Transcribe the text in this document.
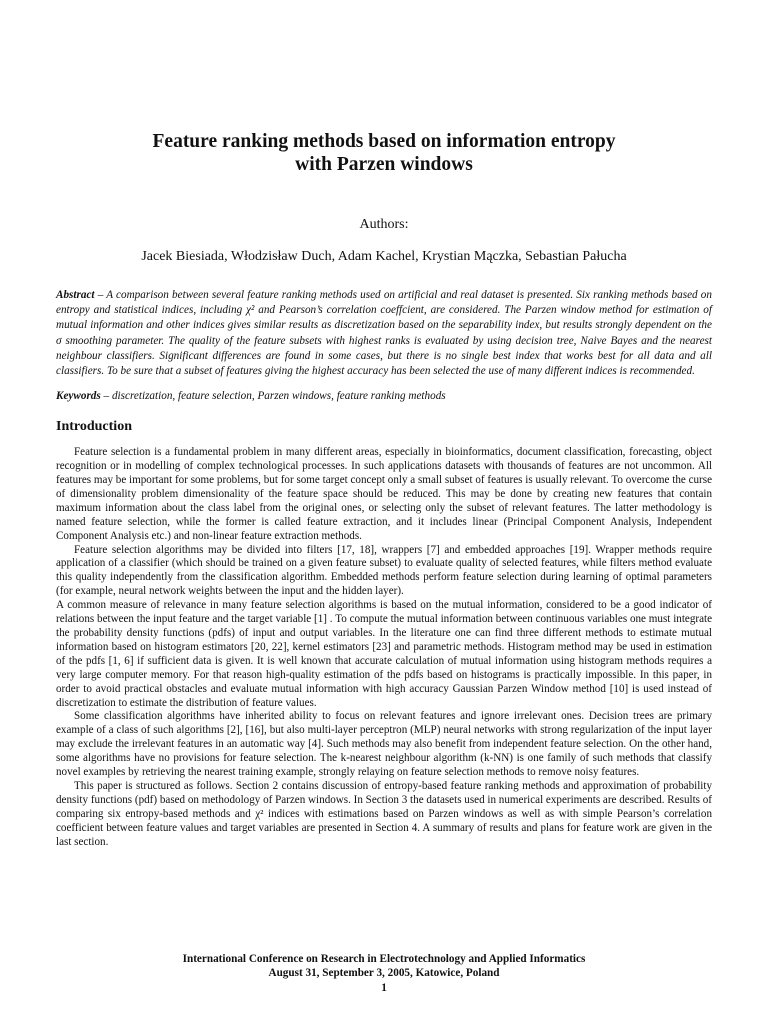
Feature ranking methods based on information entropy
with Parzen windows
Authors:
Jacek Biesiada, Włodzisław Duch, Adam Kachel, Krystian Mączka, Sebastian Pałucha
Abstract – A comparison between several feature ranking methods used on artificial and real dataset is presented. Six ranking methods based on entropy and statistical indices, including χ² and Pearson’s correlation coeffcient, are considered. The Parzen window method for estimation of mutual information and other indices gives similar results as discretization based on the separability index, but results strongly dependent on the σ smoothing parameter. The quality of the feature subsets with highest ranks is evaluated by using decision tree, Naive Bayes and the nearest neighbour classifiers. Significant differences are found in some cases, but there is no single best index that works best for all data and all classifiers. To be sure that a subset of features giving the highest accuracy has been selected the use of many different indices is recommended.
Keywords – discretization, feature selection, Parzen windows, feature ranking methods
Introduction

Feature selection is a fundamental problem in many different areas, especially in bioinformatics, document classification, forecasting, object recognition or in modelling of complex technological processes. In such applications datasets with thousands of features are not uncommon. All features may be important for some problems, but for some target concept only a small subset of features is usually relevant. To overcome the curse of dimensionality problem dimensionality of the feature space should be reduced. This may be done by creating new features that contain maximum information about the class label from the original ones, or selecting only the subset of relevant features. The latter methodology is named feature selection, while the former is called feature extraction, and it includes linear (Principal Component Analysis, Independent Component Analysis etc.) and non-linear feature extraction methods.

Feature selection algorithms may be divided into filters [17, 18], wrappers [7] and embedded approaches [19]. Wrapper methods require application of a classifier (which should be trained on a given feature subset) to evaluate quality of selected features, while filters method evaluate this quality independently from the classification algorithm. Embedded methods perform feature selection during learning of optimal parameters (for example, neural network weights between the input and the hidden layer).

A common measure of relevance in many feature selection algorithms is based on the mutual information, considered to be a good indicator of relations between the input feature and the target variable [1] . To compute the mutual information between continuous variables one must integrate the probability density functions (pdfs) of input and output variables. In the literature one can find three different methods to estimate mutual information based on histogram estimators [20, 22], kernel estimators [23] and parametric methods. Histogram method may be used in estimation of the pdfs [1, 6] if sufficient data is given. It is well known that accurate calculation of mutual information using histogram methods requires a very large computer memory. For that reason high-quality estimation of the pdfs based on histograms is practically impossible. In this paper, in order to avoid practical obstacles and evaluate mutual information with high accuracy Gaussian Parzen Window method [10] is used instead of discretization to estimate the distribution of feature values.

Some classification algorithms have inherited ability to focus on relevant features and ignore irrelevant ones. Decision trees are primary example of a class of such algorithms [2], [16], but also multi-layer perceptron (MLP) neural networks with strong regularization of the input layer may exclude the irrelevant features in an automatic way [4]. Such methods may also benefit from independent feature selection. On the other hand, some algorithms have no provisions for feature selection. The k-nearest neighbour algorithm (k-NN) is one family of such methods that classify novel examples by retrieving the nearest training example, strongly relaying on feature selection methods to remove noisy features.

This paper is structured as follows. Section 2 contains discussion of entropy-based feature ranking methods and approximation of probability density functions (pdf) based on methodology of Parzen windows. In Section 3 the datasets used in numerical experiments are described. Results of comparing six entropy-based methods and χ² indices with estimations based on Parzen windows as well as with simple Pearson’s correlation coefficient between feature values and target variables are presented in Section 4. A summary of results and plans for feature work are given in the last section.

International Conference on Research in Electrotechnology and Applied Informatics
August 31, September 3, 2005, Katowice, Poland
1
